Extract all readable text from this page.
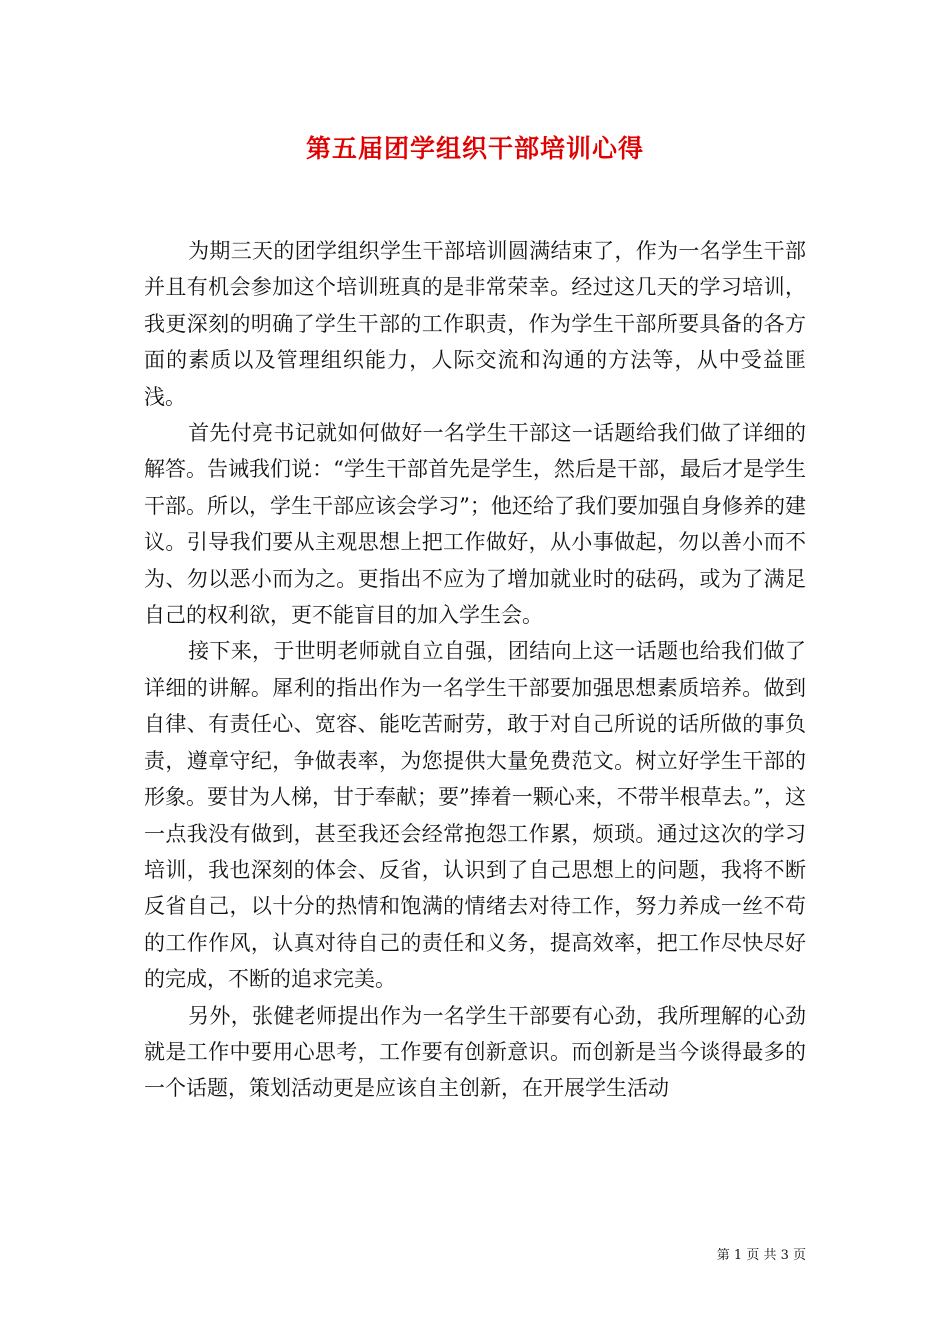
第五届团学组织干部培训心得

为期三天的团学组织学生干部培训圆满结束了，作为一名学生干部并且有机会参加这个培训班真的是非常荣幸。经过这几天的学习培训，我更深刻的明确了学生干部的工作职责，作为学生干部所要具备的各方面的素质以及管理组织能力，人际交流和沟通的方法等，从中受益匪浅。

首先付亮书记就如何做好一名学生干部这一话题给我们做了详细的解答。告诫我们说：“学生干部首先是学生，然后是干部，最后才是学生干部。所以，学生干部应该会学习”；他还给了我们要加强自身修养的建议。引导我们要从主观思想上把工作做好，从小事做起，勿以善小而不为、勿以恶小而为之。更指出不应为了增加就业时的砝码，或为了满足自己的权利欲，更不能盲目的加入学生会。

接下来，于世明老师就自立自强，团结向上这一话题也给我们做了详细的讲解。犀利的指出作为一名学生干部要加强思想素质培养。做到自律、有责任心、宽容、能吃苦耐劳，敢于对自己所说的话所做的事负责，遵章守纪，争做表率，为您提供大量免费范文。树立好学生干部的形象。要甘为人梯，甘于奉献；要”捧着一颗心来，不带半根草去。”，这一点我没有做到，甚至我还会经常抱怨工作累，烦琐。通过这次的学习培训，我也深刻的体会、反省，认识到了自己思想上的问题，我将不断反省自己，以十分的热情和饱满的情绪去对待工作，努力养成一丝不苟的工作作风，认真对待自己的责任和义务，提高效率，把工作尽快尽好的完成，不断的追求完美。

另外，张健老师提出作为一名学生干部要有心劲，我所理解的心劲就是工作中要用心思考，工作要有创新意识。而创新是当今谈得最多的一个话题，策划活动更是应该自主创新，在开展学生活动

第 1 页 共 3 页
